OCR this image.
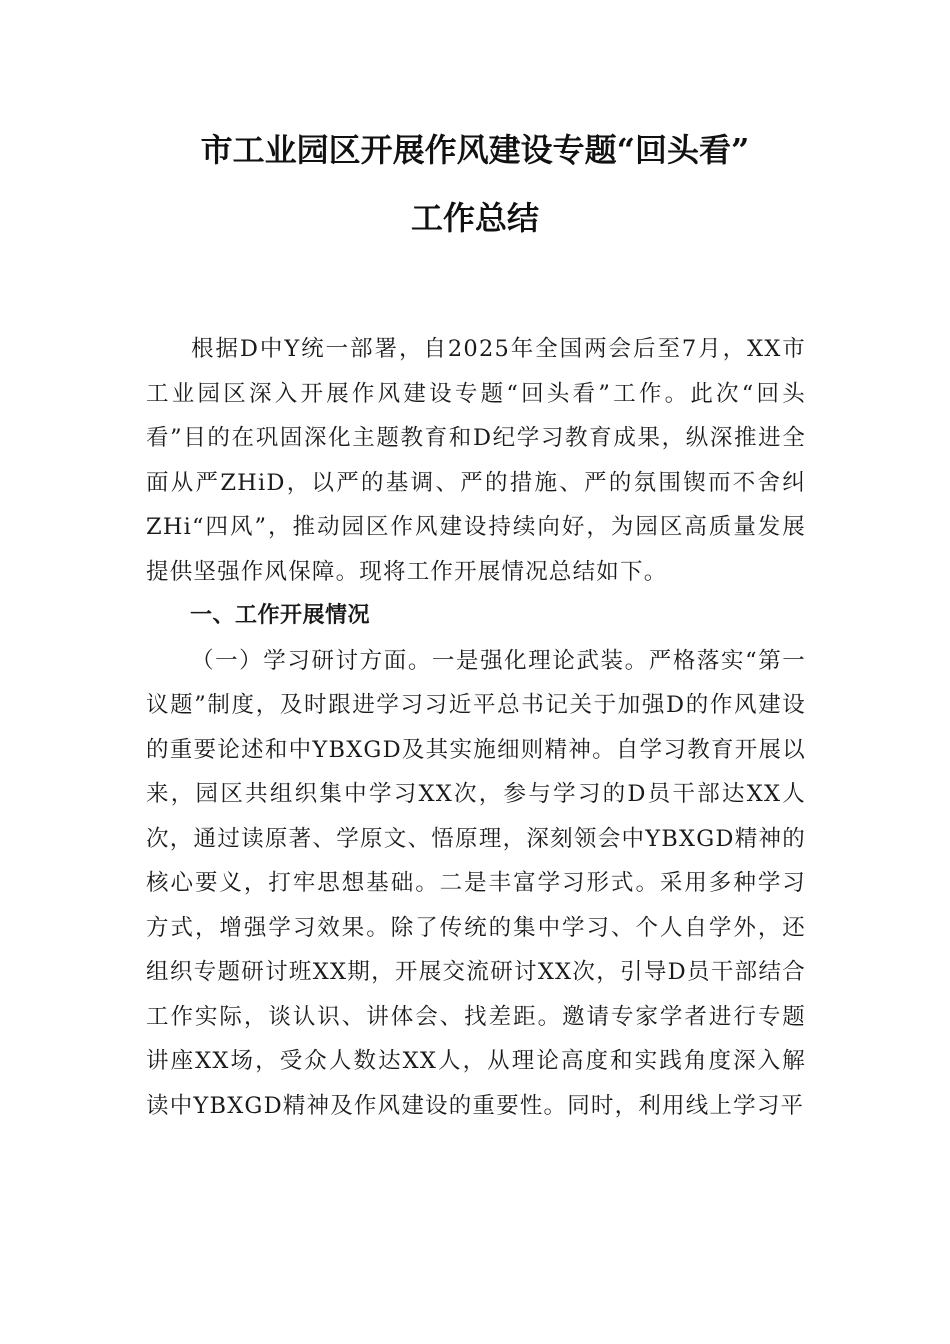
市工业园区开展作风建设专题“回头看”
工作总结

根据D中Y统一部署，自2025年全国两会后至7月，XX市工业园区深入开展作风建设专题“回头看”工作。此次“回头看”目的在巩固深化主题教育和D纪学习教育成果，纵深推进全面从严ZHiD，以严的基调、严的措施、严的氛围锲而不舍纠ZHi“四风”，推动园区作风建设持续向好，为园区高质量发展提供坚强作风保障。现将工作开展情况总结如下。

一、工作开展情况

（一）学习研讨方面。一是强化理论武装。严格落实“第一议题”制度，及时跟进学习习近平总书记关于加强D的作风建设的重要论述和中YBXGD及其实施细则精神。自学习教育开展以来，园区共组织集中学习XX次，参与学习的D员干部达XX人次，通过读原著、学原文、悟原理，深刻领会中YBXGD精神的核心要义，打牢思想基础。二是丰富学习形式。采用多种学习方式，增强学习效果。除了传统的集中学习、个人自学外，还组织专题研讨班XX期，开展交流研讨XX次，引导D员干部结合工作实际，谈认识、讲体会、找差距。邀请专家学者进行专题讲座XX场，受众人数达XX人，从理论高度和实践角度深入解读中YBXGD精神及作风建设的重要性。同时，利用线上学习平
